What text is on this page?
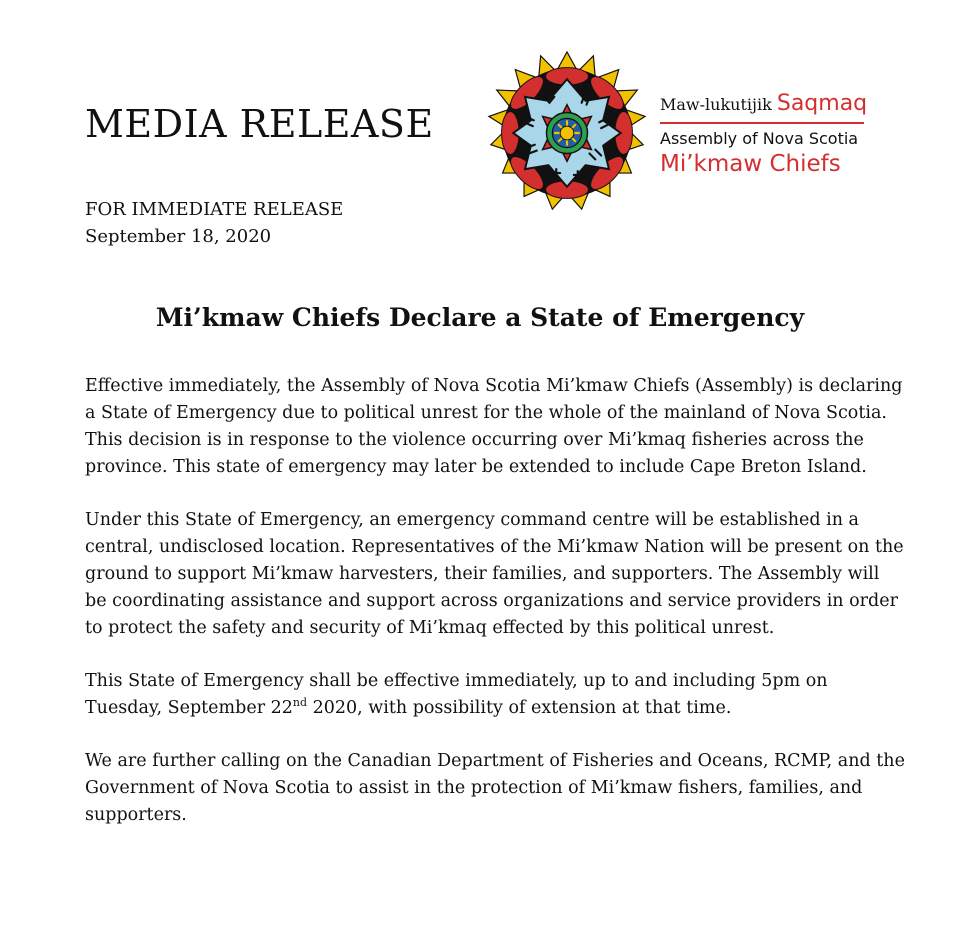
MEDIA RELEASE
FOR IMMEDIATE RELEASE
September 18, 2020
Maw-lukutijik Saqmaq
Assembly of Nova Scotia
Mi’kmaw Chiefs
Mi’kmaw Chiefs Declare a State of Emergency
Effective immediately, the Assembly of Nova Scotia Mi’kmaw Chiefs (Assembly) is declaring
a State of Emergency due to political unrest for the whole of the mainland of Nova Scotia.
This decision is in response to the violence occurring over Mi’kmaq fisheries across the
province. This state of emergency may later be extended to include Cape Breton Island.
Under this State of Emergency, an emergency command centre will be established in a
central, undisclosed location. Representatives of the Mi’kmaw Nation will be present on the
ground to support Mi’kmaw harvesters, their families, and supporters. The Assembly will
be coordinating assistance and support across organizations and service providers in order
to protect the safety and security of Mi’kmaq effected by this political unrest.
This State of Emergency shall be effective immediately, up to and including 5pm on
Tuesday, September 22nd 2020, with possibility of extension at that time.
We are further calling on the Canadian Department of Fisheries and Oceans, RCMP, and the
Government of Nova Scotia to assist in the protection of Mi’kmaw fishers, families, and
supporters.
